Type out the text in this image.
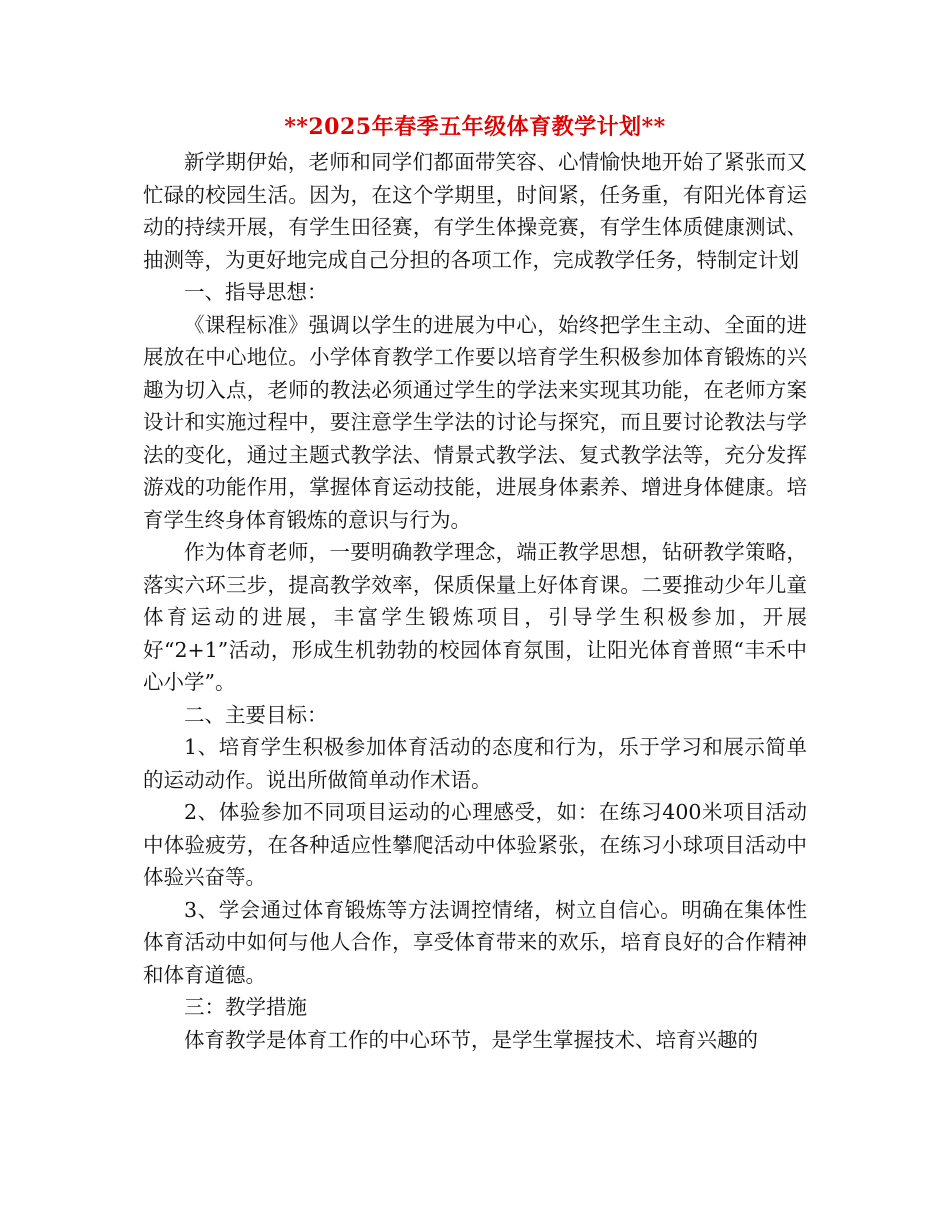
**2025年春季五年级体育教学计划**

新学期伊始，老师和同学们都面带笑容、心情愉快地开始了紧张而又忙碌的校园生活。因为，在这个学期里，时间紧，任务重，有阳光体育运动的持续开展，有学生田径赛，有学生体操竞赛，有学生体质健康测试、抽测等，为更好地完成自己分担的各项工作，完成教学任务，特制定计划

一、指导思想：

《课程标准》强调以学生的进展为中心，始终把学生主动、全面的进展放在中心地位。小学体育教学工作要以培育学生积极参加体育锻炼的兴趣为切入点，老师的教法必须通过学生的学法来实现其功能，在老师方案设计和实施过程中，要注意学生学法的讨论与探究，而且要讨论教法与学法的变化，通过主题式教学法、情景式教学法、复式教学法等，充分发挥游戏的功能作用，掌握体育运动技能，进展身体素养、增进身体健康。培育学生终身体育锻炼的意识与行为。

作为体育老师，一要明确教学理念，端正教学思想，钻研教学策略，落实六环三步，提高教学效率，保质保量上好体育课。二要推动少年儿童体育运动的进展，丰富学生锻炼项目，引导学生积极参加，开展好“2+1”活动，形成生机勃勃的校园体育氛围，让阳光体育普照“丰禾中心小学”。

二、主要目标：

1、培育学生积极参加体育活动的态度和行为，乐于学习和展示简单的运动动作。说出所做简单动作术语。

2、体验参加不同项目运动的心理感受，如：在练习400米项目活动中体验疲劳，在各种适应性攀爬活动中体验紧张，在练习小球项目活动中体验兴奋等。

3、学会通过体育锻炼等方法调控情绪，树立自信心。明确在集体性体育活动中如何与他人合作，享受体育带来的欢乐，培育良好的合作精神和体育道德。

三：教学措施

体育教学是体育工作的中心环节，是学生掌握技术、培育兴趣的
